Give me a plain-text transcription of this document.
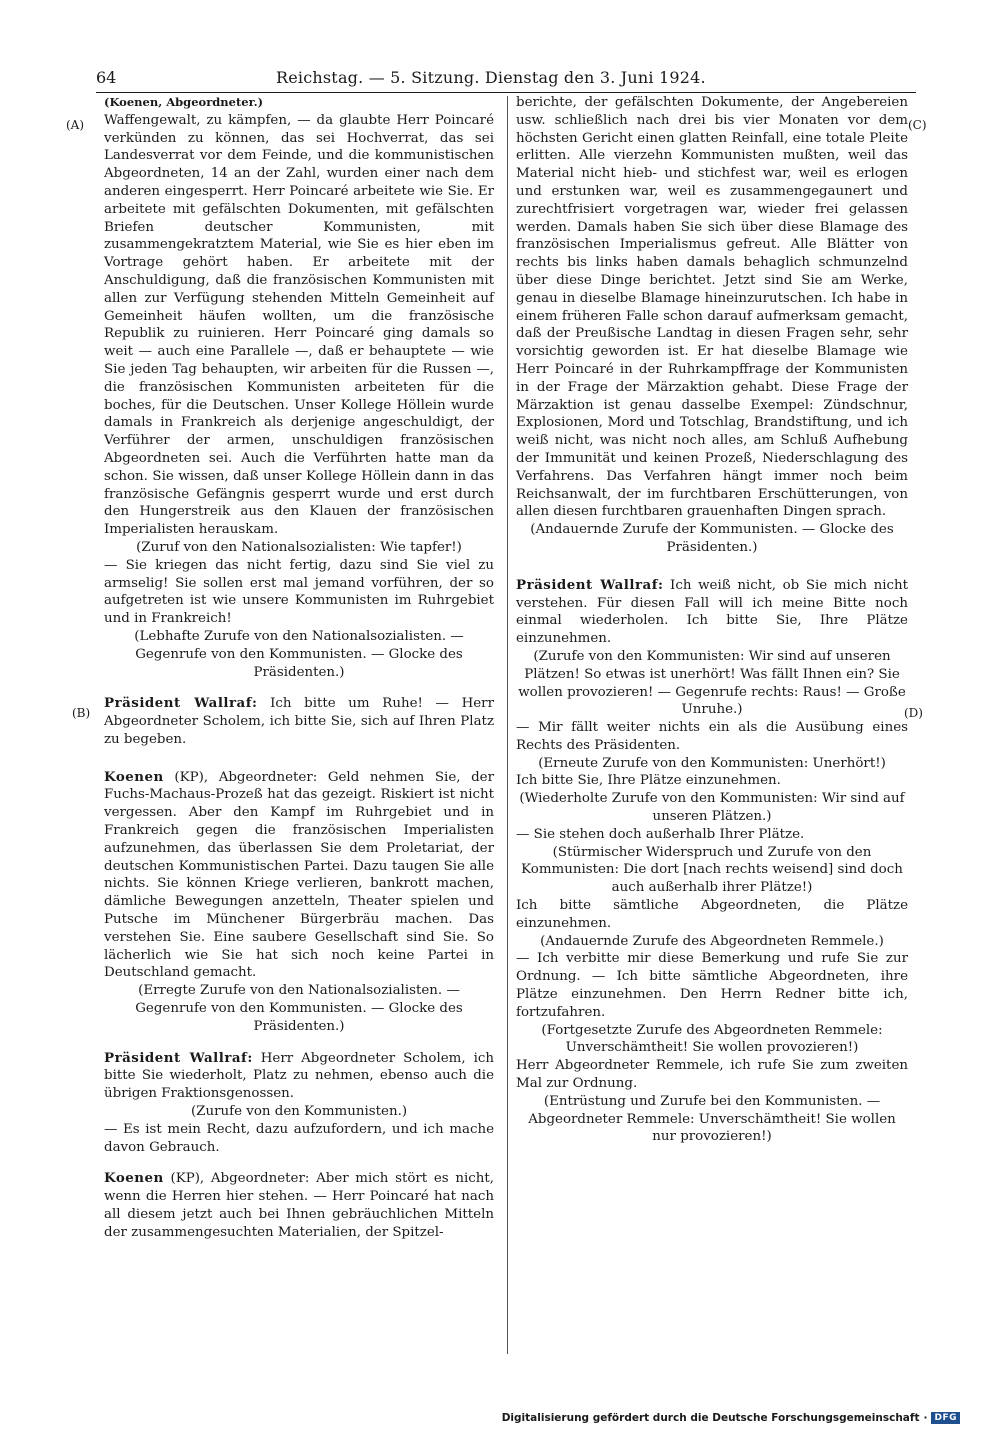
64	Reichstag. — 5. Sitzung. Dienstag den 3. Juni 1924.
(A)
(B)
(C)
(D)

(Koenen, Abgeordneter.)

Waffengewalt, zu kämpfen, — da glaubte Herr Poincaré verkünden zu können, das sei Hochverrat, das sei Landesverrat vor dem Feinde, und die kommunistischen Abgeordneten, 14 an der Zahl, wurden einer nach dem anderen eingesperrt. Herr Poincaré arbeitete wie Sie. Er arbeitete mit gefälschten Dokumenten, mit gefälschten Briefen deutscher Kommunisten, mit zusammengekratztem Material, wie Sie es hier eben im Vortrage gehört haben. Er arbeitete mit der Anschuldigung, daß die französischen Kommunisten mit allen zur Verfügung stehenden Mitteln Gemeinheit auf Gemeinheit häufen wollten, um die französische Republik zu ruinieren. Herr Poincaré ging damals so weit — auch eine Parallele —, daß er behauptete — wie Sie jeden Tag behaupten, wir arbeiten für die Russen —, die französischen Kommunisten arbeiteten für die boches, für die Deutschen. Unser Kollege Höllein wurde damals in Frankreich als derjenige angeschuldigt, der Verführer der armen, unschuldigen französischen Abgeordneten sei. Auch die Verführten hatte man da schon. Sie wissen, daß unser Kollege Höllein dann in das französische Gefängnis gesperrt wurde und erst durch den Hungerstreik aus den Klauen der französischen Imperialisten herauskam.

(Zuruf von den Nationalsozialisten: Wie tapfer!)

— Sie kriegen das nicht fertig, dazu sind Sie viel zu armselig! Sie sollen erst mal jemand vorführen, der so aufgetreten ist wie unsere Kommunisten im Ruhrgebiet und in Frankreich!

(Lebhafte Zurufe von den Nationalsozialisten. — Gegenrufe von den Kommunisten. — Glocke des Präsidenten.)

Präsident Wallraf: Ich bitte um Ruhe! — Herr Abgeordneter Scholem, ich bitte Sie, sich auf Ihren Platz zu begeben.

Koenen (KP), Abgeordneter: Geld nehmen Sie, der Fuchs-Machaus-Prozeß hat das gezeigt. Riskiert ist nicht vergessen. Aber den Kampf im Ruhrgebiet und in Frankreich gegen die französischen Imperialisten aufzunehmen, das überlassen Sie dem Proletariat, der deutschen Kommunistischen Partei. Dazu taugen Sie alle nichts. Sie können Kriege verlieren, bankrott machen, dämliche Bewegungen anzetteln, Theater spielen und Putsche im Münchener Bürgerbräu machen. Das verstehen Sie. Eine saubere Gesellschaft sind Sie. So lächerlich wie Sie hat sich noch keine Partei in Deutschland gemacht.

(Erregte Zurufe von den Nationalsozialisten. — Gegenrufe von den Kommunisten. — Glocke des Präsidenten.)

Präsident Wallraf: Herr Abgeordneter Scholem, ich bitte Sie wiederholt, Platz zu nehmen, ebenso auch die übrigen Fraktionsgenossen.

(Zurufe von den Kommunisten.)

— Es ist mein Recht, dazu aufzufordern, und ich mache davon Gebrauch.

Koenen (KP), Abgeordneter: Aber mich stört es nicht, wenn die Herren hier stehen. — Herr Poincaré hat nach all diesem jetzt auch bei Ihnen gebräuchlichen Mitteln der zusammengesuchten Materialien, der Spitzel-

berichte, der gefälschten Dokumente, der Angebereien usw. schließlich nach drei bis vier Monaten vor dem höchsten Gericht einen glatten Reinfall, eine totale Pleite erlitten. Alle vierzehn Kommunisten mußten, weil das Material nicht hieb- und stichfest war, weil es erlogen und erstunken war, weil es zusammengegaunert und zurechtfrisiert vorgetragen war, wieder frei gelassen werden. Damals haben Sie sich über diese Blamage des französischen Imperialismus gefreut. Alle Blätter von rechts bis links haben damals behaglich schmunzelnd über diese Dinge berichtet. Jetzt sind Sie am Werke, genau in dieselbe Blamage hineinzurutschen. Ich habe in einem früheren Falle schon darauf aufmerksam gemacht, daß der Preußische Landtag in diesen Fragen sehr, sehr vorsichtig geworden ist. Er hat dieselbe Blamage wie Herr Poincaré in der Ruhrkampffrage der Kommunisten in der Frage der Märzaktion gehabt. Diese Frage der Märzaktion ist genau dasselbe Exempel: Zündschnur, Explosionen, Mord und Totschlag, Brandstiftung, und ich weiß nicht, was nicht noch alles, am Schluß Aufhebung der Immunität und keinen Prozeß, Niederschlagung des Verfahrens. Das Verfahren hängt immer noch beim Reichsanwalt, der im furchtbaren Erschütterungen, von allen diesen furchtbaren grauenhaften Dingen sprach.

(Andauernde Zurufe der Kommunisten. — Glocke des Präsidenten.)

Präsident Wallraf: Ich weiß nicht, ob Sie mich nicht verstehen. Für diesen Fall will ich meine Bitte noch einmal wiederholen. Ich bitte Sie, Ihre Plätze einzunehmen.

(Zurufe von den Kommunisten: Wir sind auf unseren Plätzen! So etwas ist unerhört! Was fällt Ihnen ein? Sie wollen provozieren! — Gegenrufe rechts: Raus! — Große Unruhe.)

— Mir fällt weiter nichts ein als die Ausübung eines Rechts des Präsidenten.

(Erneute Zurufe von den Kommunisten: Unerhört!)

Ich bitte Sie, Ihre Plätze einzunehmen.

(Wiederholte Zurufe von den Kommunisten: Wir sind auf unseren Plätzen.)

— Sie stehen doch außerhalb Ihrer Plätze.

(Stürmischer Widerspruch und Zurufe von den Kommunisten: Die dort [nach rechts weisend] sind doch auch außerhalb ihrer Plätze!)

Ich bitte sämtliche Abgeordneten, die Plätze einzunehmen.

(Andauernde Zurufe des Abgeordneten Remmele.)

— Ich verbitte mir diese Bemerkung und rufe Sie zur Ordnung. — Ich bitte sämtliche Abgeordneten, ihre Plätze einzunehmen. Den Herrn Redner bitte ich, fortzufahren.

(Fortgesetzte Zurufe des Abgeordneten Remmele: Unverschämtheit! Sie wollen provozieren!)

Herr Abgeordneter Remmele, ich rufe Sie zum zweiten Mal zur Ordnung.

(Entrüstung und Zurufe bei den Kommunisten. — Abgeordneter Remmele: Unverschämtheit! Sie wollen nur provozieren!)

Digitalisierung gefördert durch die Deutsche Forschungsgemeinschaft · DFG
